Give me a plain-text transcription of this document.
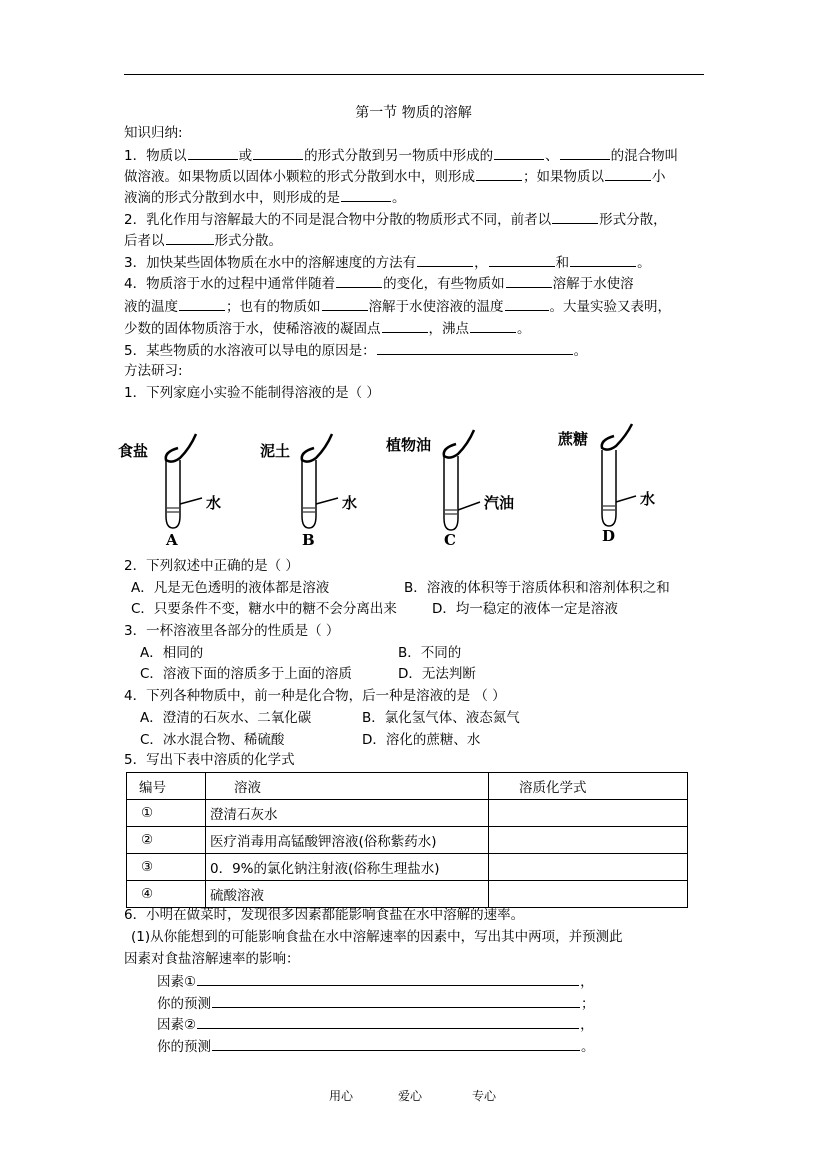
第一节 物质的溶解
知识归纳:
1．物质以	或	的形式分散到另一物质中形成的	、	的混合物叫
做溶液。如果物质以固体小颗粒的形式分散到水中，则形成	；如果物质以	小
液滴的形式分散到水中，则形成的是	。
2．乳化作用与溶解最大的不同是混合物中分散的物质形式不同，前者以	形式分散，
后者以	形式分散。
3．加快某些固体物质在水中的溶解速度的方法有	，	和	。
4．物质溶于水的过程中通常伴随着	的变化，有些物质如	溶解于水使溶
液的温度	；也有的物质如	溶解于水使溶液的温度	。大量实验又表明，
少数的固体物质溶于水，使稀溶液的凝固点	，沸点	。
5．某些物质的水溶液可以导电的原因是：	。
方法研习:
1．下列家庭小实验不能制得溶液的是（ ）
食盐
水
A
泥土
水
B
植物油
汽油
C
蔗糖
水
D
2．下列叙述中正确的是（ ）
A．凡是无色透明的液体都是溶液	B．溶液的体积等于溶质体积和溶剂体积之和
C．只要条件不变，糖水中的糖不会分离出来	D．均一稳定的液体一定是溶液
3．一杯溶液里各部分的性质是（ ）
A．相同的	B．不同的
C．溶液下面的溶质多于上面的溶质	D．无法判断
4．下列各种物质中，前一种是化合物，后一种是溶液的是 （ ）
A．澄清的石灰水、二氧化碳	B．氯化氢气体、液态氮气
C．冰水混合物、稀硫酸	D．溶化的蔗糖、水
5．写出下表中溶质的化学式
编号	溶液	溶质化学式
①	澄清石灰水	
②	医疗消毒用高锰酸钾溶液(俗称紫药水)	
③	0．9%的氯化钠注射液(俗称生理盐水)	
④	硫酸溶液	
6．小明在做菜时，发现很多因素都能影响食盐在水中溶解的速率。
(1)从你能想到的可能影响食盐在水中溶解速率的因素中，写出其中两项，并预测此
因素对食盐溶解速率的影响：
因素①	，
你的预测	；
因素②	，
你的预测	。
用心	爱心	专心
